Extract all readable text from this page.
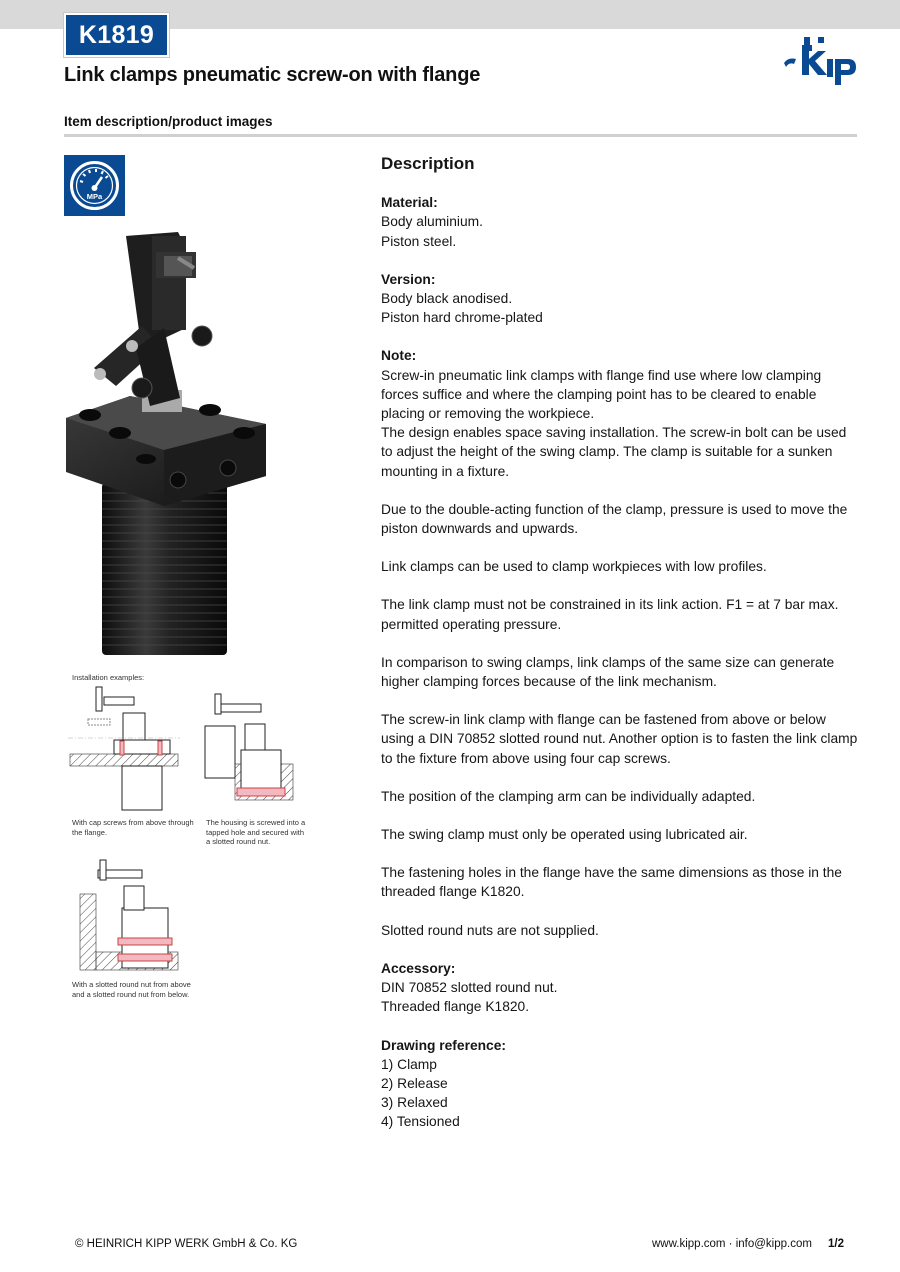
K1819
Link clamps pneumatic screw-on with flange
Item description/product images
MPa
Installation examples:
With cap screws from above through
the flange.
The housing is screwed into a
tapped hole and secured with
a slotted round nut.
With a slotted round nut from above
and a slotted round nut from below.
Description
Material:
Body aluminium.
Piston steel.
Version:
Body black anodised.
Piston hard chrome-plated
Note:

Screw-in pneumatic link clamps with flange find use where low clamping forces suffice and where the clamping point has to be cleared to enable placing or removing the workpiece.
The design enables space saving installation. The screw-in bolt can be used to adjust the height of the swing clamp. The clamp is suitable for a sunken mounting in a fixture.

Due to the double-acting function of the clamp, pressure is used to move the piston downwards and upwards.

Link clamps can be used to clamp workpieces with low profiles.

The link clamp must not be constrained in its link action. F1 = at 7 bar max. permitted operating pressure.

In comparison to swing clamps, link clamps of the same size can generate higher clamping forces because of the link mechanism.

The screw-in link clamp with flange can be fastened from above or below using a DIN 70852 slotted round nut. Another option is to fasten the link clamp to the fixture from above using four cap screws.

The position of the clamping arm can be individually adapted.

The swing clamp must only be operated using lubricated air.

The fastening holes in the flange have the same dimensions as those in the threaded flange K1820.

Slotted round nuts are not supplied.

Accessory:
DIN 70852 slotted round nut.
Threaded flange K1820.
Drawing reference:
1) Clamp
2) Release
3) Relaxed
4) Tensioned
© HEINRICH KIPP WERK GmbH & Co. KG	www.kipp.com · info@kipp.com 1/2
